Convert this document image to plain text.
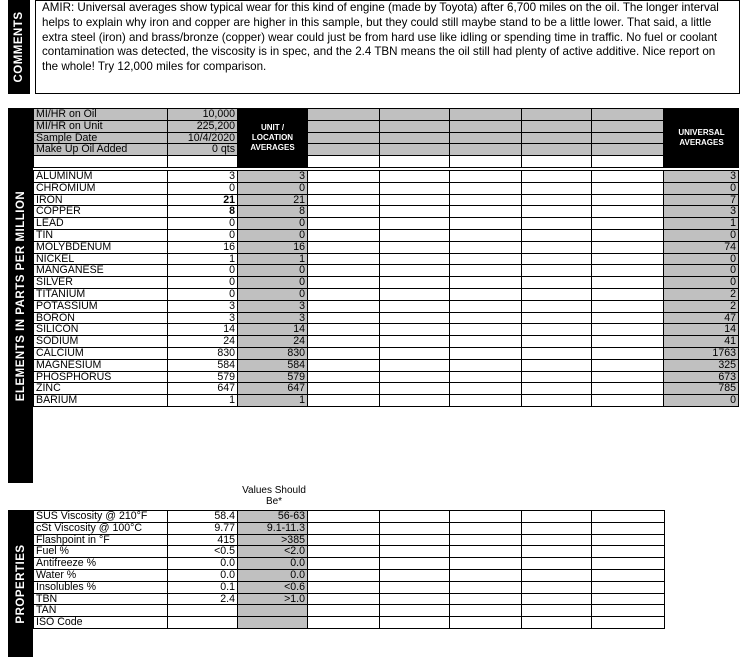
COMMENTS
AMIR: Universal averages show typical wear for this kind of engine (made by Toyota) after 6,700 miles on the oil. The longer interval helps to explain why iron and copper are higher in this sample, but they could still maybe stand to be a little lower. That said, a little extra steel (iron) and brass/bronze (copper) wear could just be from hard use like idling or spending time in traffic. No fuel or coolant contamination was detected, the viscosity is in spec, and the 2.4 TBN means the oil still had plenty of active additive. Nice report on the whole! Try 12,000 miles for comparison.
ELEMENTS IN PARTS PER MILLION
MI/HR on Oil	10,000							
MI/HR on Unit	225,200							
Sample Date	10/4/2020							
Make Up Oil Added	0 qts							

UNIT / LOCATION AVERAGES
UNIVERSAL AVERAGES
ALUMINUM	3	3						3
CHROMIUM	0	0						0
IRON	21	21						7
COPPER	8	8						3
LEAD	0	0						1
TIN	0	0						0
MOLYBDENUM	16	16						74
NICKEL	1	1						0
MANGANESE	0	0						0
SILVER	0	0						0
TITANIUM	0	0						2
POTASSIUM	3	3						2
BORON	3	3						47
SILICON	14	14						14
SODIUM	24	24						41
CALCIUM	830	830						1763
MAGNESIUM	584	584						325
PHOSPHORUS	579	579						673
ZINC	647	647						785
BARIUM	1	1						0
Values Should Be*
PROPERTIES
SUS Viscosity @ 210°F	58.4	56-63					
cSt Viscosity @ 100°C	9.77	9.1-11.3					
Flashpoint in °F	415	>385					
Fuel %	<0.5	<2.0					
Antifreeze %	0.0	0.0					
Water %	0.0	0.0					
Insolubles %	0.1	<0.6					
TBN	2.4	>1.0					
TAN							
ISO Code							
